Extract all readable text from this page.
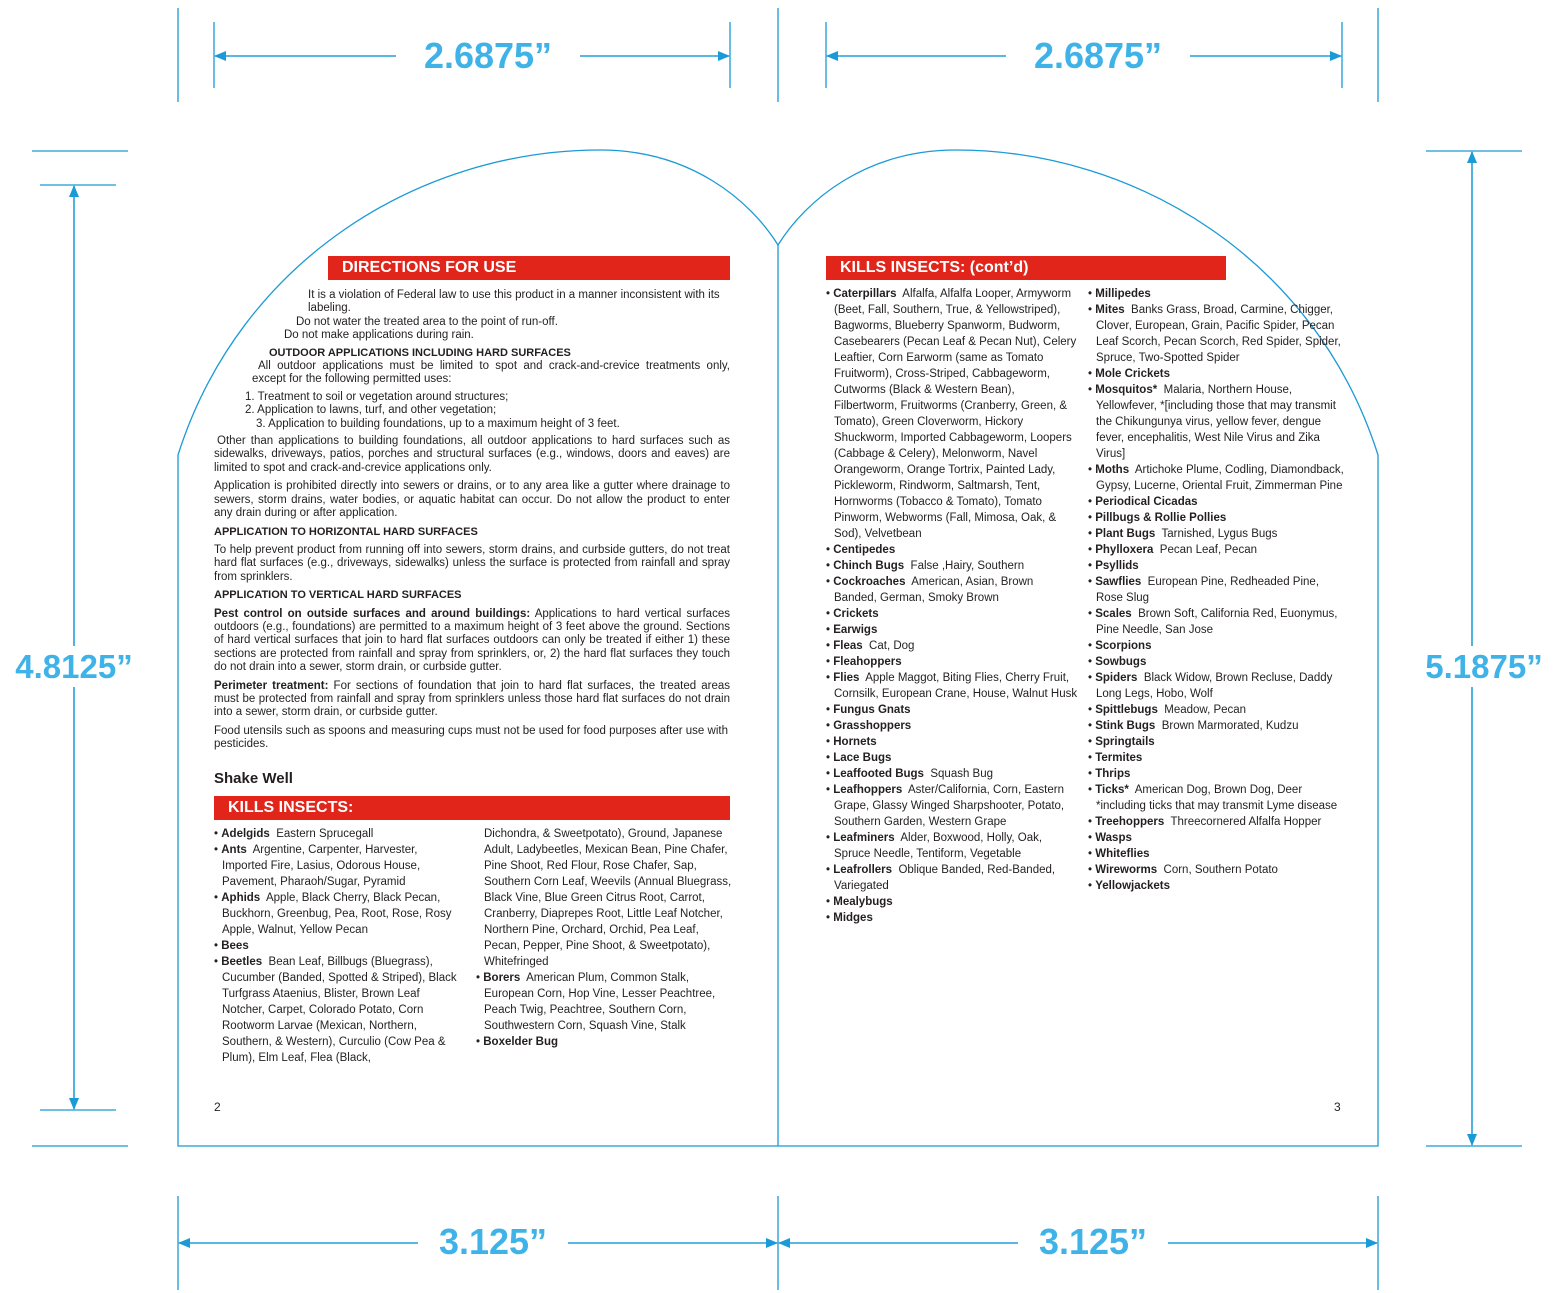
2.6875”	2.6875”
4.8125”	5.1875”
3.125”	3.125”
DIRECTIONS FOR USE
It is a violation of Federal law to use this product in a manner inconsistent with its labeling.
Do not water the treated area to the point of run-off.
Do not make applications during rain.
OUTDOOR APPLICATIONS INCLUDING HARD SURFACES
All outdoor applications must be limited to spot and crack-and-crevice treatments only, except for the following permitted uses:
1. Treatment to soil or vegetation around structures;
2. Application to lawns, turf, and other vegetation;
3. Application to building foundations, up to a maximum height of 3 feet.

Other than applications to building foundations, all outdoor applications to hard surfaces such as sidewalks, driveways, patios, porches and structural surfaces (e.g., windows, doors and eaves) are limited to spot and crack-and-crevice applications only.

Application is prohibited directly into sewers or drains, or to any area like a gutter where drainage to sewers, storm drains, water bodies, or aquatic habitat can occur. Do not allow the product to enter any drain during or after application.

APPLICATION TO HORIZONTAL HARD SURFACES

To help prevent product from running off into sewers, storm drains, and curbside gutters, do not treat hard flat surfaces (e.g., driveways, sidewalks) unless the surface is protected from rainfall and spray from sprinklers.

APPLICATION TO VERTICAL HARD SURFACES

Pest control on outside surfaces and around buildings: Applications to hard vertical surfaces outdoors (e.g., foundations) are permitted to a maximum height of 3 feet above the ground. Sections of hard vertical surfaces that join to hard flat surfaces outdoors can only be treated if either 1) these sections are protected from rainfall and spray from sprinklers, or, 2) the hard flat surfaces they touch do not drain into a sewer, storm drain, or curbside gutter.

Perimeter treatment: For sections of foundation that join to hard flat surfaces, the treated areas must be protected from rainfall and spray from sprinklers unless those hard flat surfaces do not drain into a sewer, storm drain, or curbside gutter.

Food utensils such as spoons and measuring cups must not be used for food purposes after use with pesticides.

Shake Well
KILLS INSECTS:
• Adelgids Eastern Sprucegall
• Ants Argentine, Carpenter, Harvester, Imported Fire, Lasius, Odorous House, Pavement, Pharaoh/Sugar, Pyramid
• Aphids Apple, Black Cherry, Black Pecan, Buckhorn, Greenbug, Pea, Root, Rose, Rosy Apple, Walnut, Yellow Pecan
• Bees
• Beetles Bean Leaf, Billbugs (Bluegrass), Cucumber (Banded, Spotted & Striped), Black Turfgrass Ataenius, Blister, Brown Leaf Notcher, Carpet, Colorado Potato, Corn Rootworm Larvae (Mexican, Northern, Southern, & Western), Curculio (Cow Pea & Plum), Elm Leaf, Flea (Black,
Dichondra, & Sweetpotato), Ground, Japanese Adult, Ladybeetles, Mexican Bean, Pine Chafer, Pine Shoot, Red Flour, Rose Chafer, Sap, Southern Corn Leaf, Weevils (Annual Bluegrass, Black Vine, Blue Green Citrus Root, Carrot, Cranberry, Diaprepes Root, Little Leaf Notcher, Northern Pine, Orchard, Orchid, Pea Leaf, Pecan, Pepper, Pine Shoot, & Sweetpotato), Whitefringed
• Borers American Plum, Common Stalk, European Corn, Hop Vine, Lesser Peachtree, Peach Twig, Peachtree, Southern Corn, Southwestern Corn, Squash Vine, Stalk
• Boxelder Bug
2
KILLS INSECTS: (cont’d)
• Caterpillars Alfalfa, Alfalfa Looper, Armyworm (Beet, Fall, Southern, True, & Yellowstriped), Bagworms, Blueberry Spanworm, Budworm, Casebearers (Pecan Leaf & Pecan Nut), Celery Leaftier, Corn Earworm (same as Tomato Fruitworm), Cross-Striped, Cabbageworm, Cutworms (Black & Western Bean), Filbertworm, Fruitworms (Cranberry, Green, & Tomato), Green Cloverworm, Hickory Shuckworm, Imported Cabbageworm, Loopers (Cabbage & Celery), Melonworm, Navel Orangeworm, Orange Tortrix, Painted Lady, Pickleworm, Rindworm, Saltmarsh, Tent, Hornworms (Tobacco & Tomato), Tomato Pinworm, Webworms (Fall, Mimosa, Oak, & Sod), Velvetbean
• Centipedes
• Chinch Bugs False ,Hairy, Southern
• Cockroaches American, Asian, Brown Banded, German, Smoky Brown
• Crickets
• Earwigs
• Fleas Cat, Dog
• Fleahoppers
• Flies Apple Maggot, Biting Flies, Cherry Fruit, Cornsilk, European Crane, House, Walnut Husk
• Fungus Gnats
• Grasshoppers
• Hornets
• Lace Bugs
• Leaffooted Bugs Squash Bug
• Leafhoppers Aster/California, Corn, Eastern Grape, Glassy Winged Sharpshooter, Potato, Southern Garden, Western Grape
• Leafminers Alder, Boxwood, Holly, Oak, Spruce Needle, Tentiform, Vegetable
• Leafrollers Oblique Banded, Red-Banded, Variegated
• Mealybugs
• Midges
• Millipedes
• Mites Banks Grass, Broad, Carmine, Chigger, Clover, European, Grain, Pacific Spider, Pecan Leaf Scorch, Pecan Scorch, Red Spider, Spider, Spruce, Two-Spotted Spider
• Mole Crickets
• Mosquitos* Malaria, Northern House, Yellowfever, *[including those that may transmit the Chikungunya virus, yellow fever, dengue fever, encephalitis, West Nile Virus and Zika Virus]
• Moths Artichoke Plume, Codling, Diamondback, Gypsy, Lucerne, Oriental Fruit, Zimmerman Pine
• Periodical Cicadas
• Pillbugs & Rollie Pollies
• Plant Bugs Tarnished, Lygus Bugs
• Phylloxera Pecan Leaf, Pecan
• Psyllids
• Sawflies European Pine, Redheaded Pine, Rose Slug
• Scales Brown Soft, California Red, Euonymus, Pine Needle, San Jose
• Scorpions
• Sowbugs
• Spiders Black Widow, Brown Recluse, Daddy Long Legs, Hobo, Wolf
• Spittlebugs Meadow, Pecan
• Stink Bugs Brown Marmorated, Kudzu
• Springtails
• Termites
• Thrips
• Ticks* American Dog, Brown Dog, Deer *including ticks that may transmit Lyme disease
• Treehoppers Threecornered Alfalfa Hopper
• Wasps
• Whiteflies
• Wireworms Corn, Southern Potato
• Yellowjackets
3
